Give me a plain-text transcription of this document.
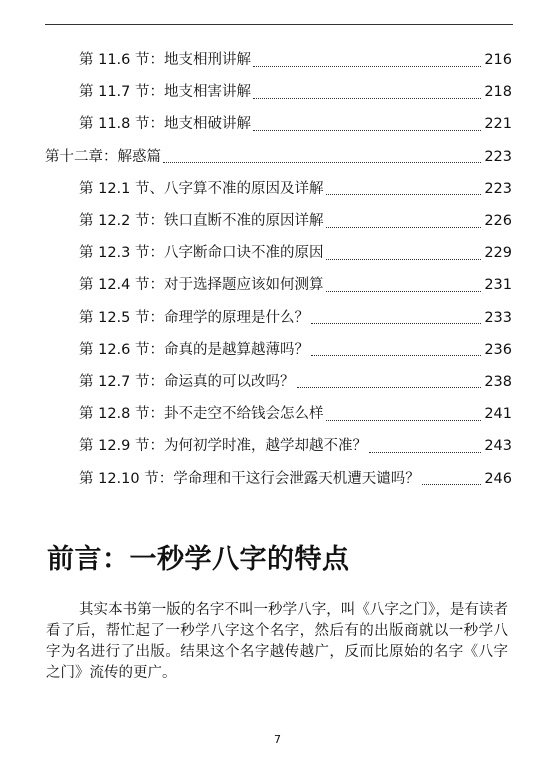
第 11.6 节：地支相刑讲解	216
第 11.7 节：地支相害讲解	218
第 11.8 节：地支相破讲解	221
第十二章：解惑篇	223
第 12.1 节、八字算不准的原因及详解	223
第 12.2 节：铁口直断不准的原因详解	226
第 12.3 节：八字断命口诀不准的原因	229
第 12.4 节：对于选择题应该如何测算	231
第 12.5 节：命理学的原理是什么？	233
第 12.6 节：命真的是越算越薄吗？	236
第 12.7 节：命运真的可以改吗？	238
第 12.8 节：卦不走空不给钱会怎么样	241
第 12.9 节：为何初学时准，越学却越不准？	243
第 12.10 节：学命理和干这行会泄露天机遭天谴吗？	246
前言：一秒学八字的特点

其实本书第一版的名字不叫一秒学八字，叫《八字之门》，是有读者看了后，帮忙起了一秒学八字这个名字，然后有的出版商就以一秒学八字为名进行了出版。结果这个名字越传越广，反而比原始的名字《八字之门》流传的更广。

7
